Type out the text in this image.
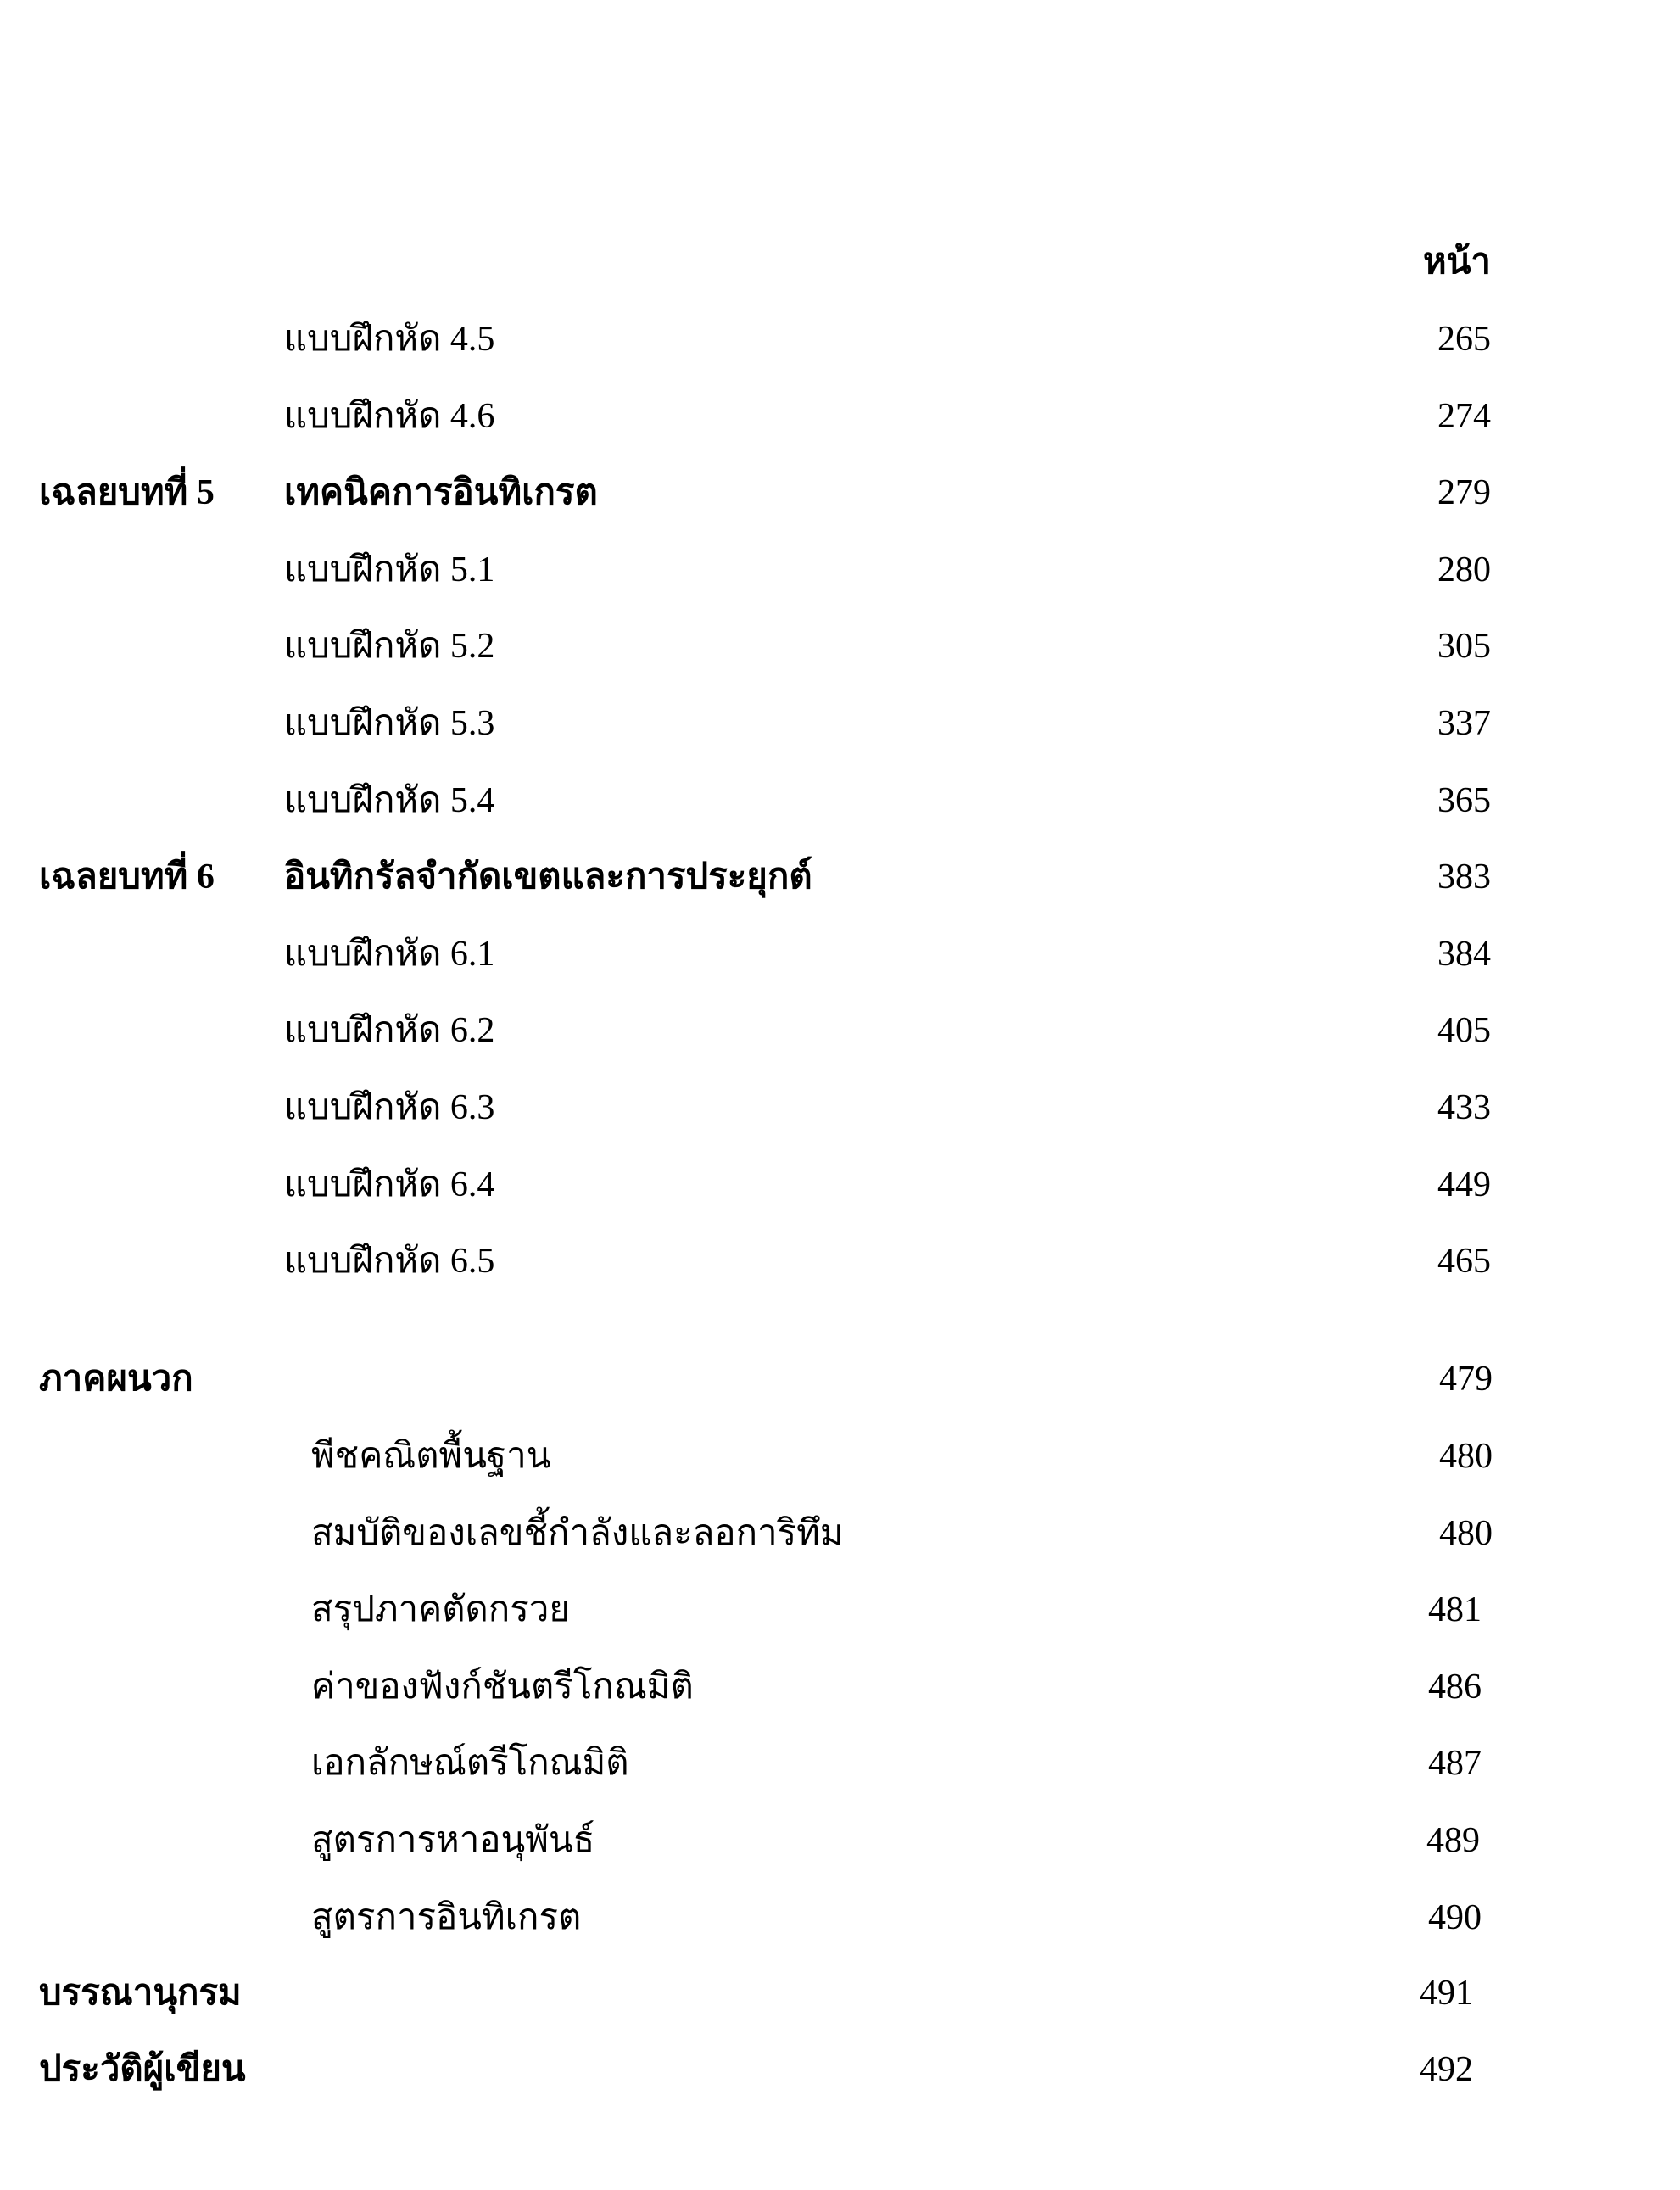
หน้า
แบบฝึกหัด 4.5	265
แบบฝึกหัด 4.6	274
เฉลยบทที่ 5 เทคนิคการอินทิเกรต	279
แบบฝึกหัด 5.1	280
แบบฝึกหัด 5.2	305
แบบฝึกหัด 5.3	337
แบบฝึกหัด 5.4	365
เฉลยบทที่ 6 อินทิกรัลจำกัดเขตและการประยุกต์	383
แบบฝึกหัด 6.1	384
แบบฝึกหัด 6.2	405
แบบฝึกหัด 6.3	433
แบบฝึกหัด 6.4	449
แบบฝึกหัด 6.5	465
ภาคผนวก	479
พีชคณิตพื้นฐาน	480
สมบัติของเลขชี้กำลังและลอการิทึม	480
สรุปภาคตัดกรวย	481
ค่าของฟังก์ชันตรีโกณมิติ	486
เอกลักษณ์ตรีโกณมิติ	487
สูตรการหาอนุพันธ์	489
สูตรการอินทิเกรต	490
บรรณานุกรม	491
ประวัติผู้เขียน	492
